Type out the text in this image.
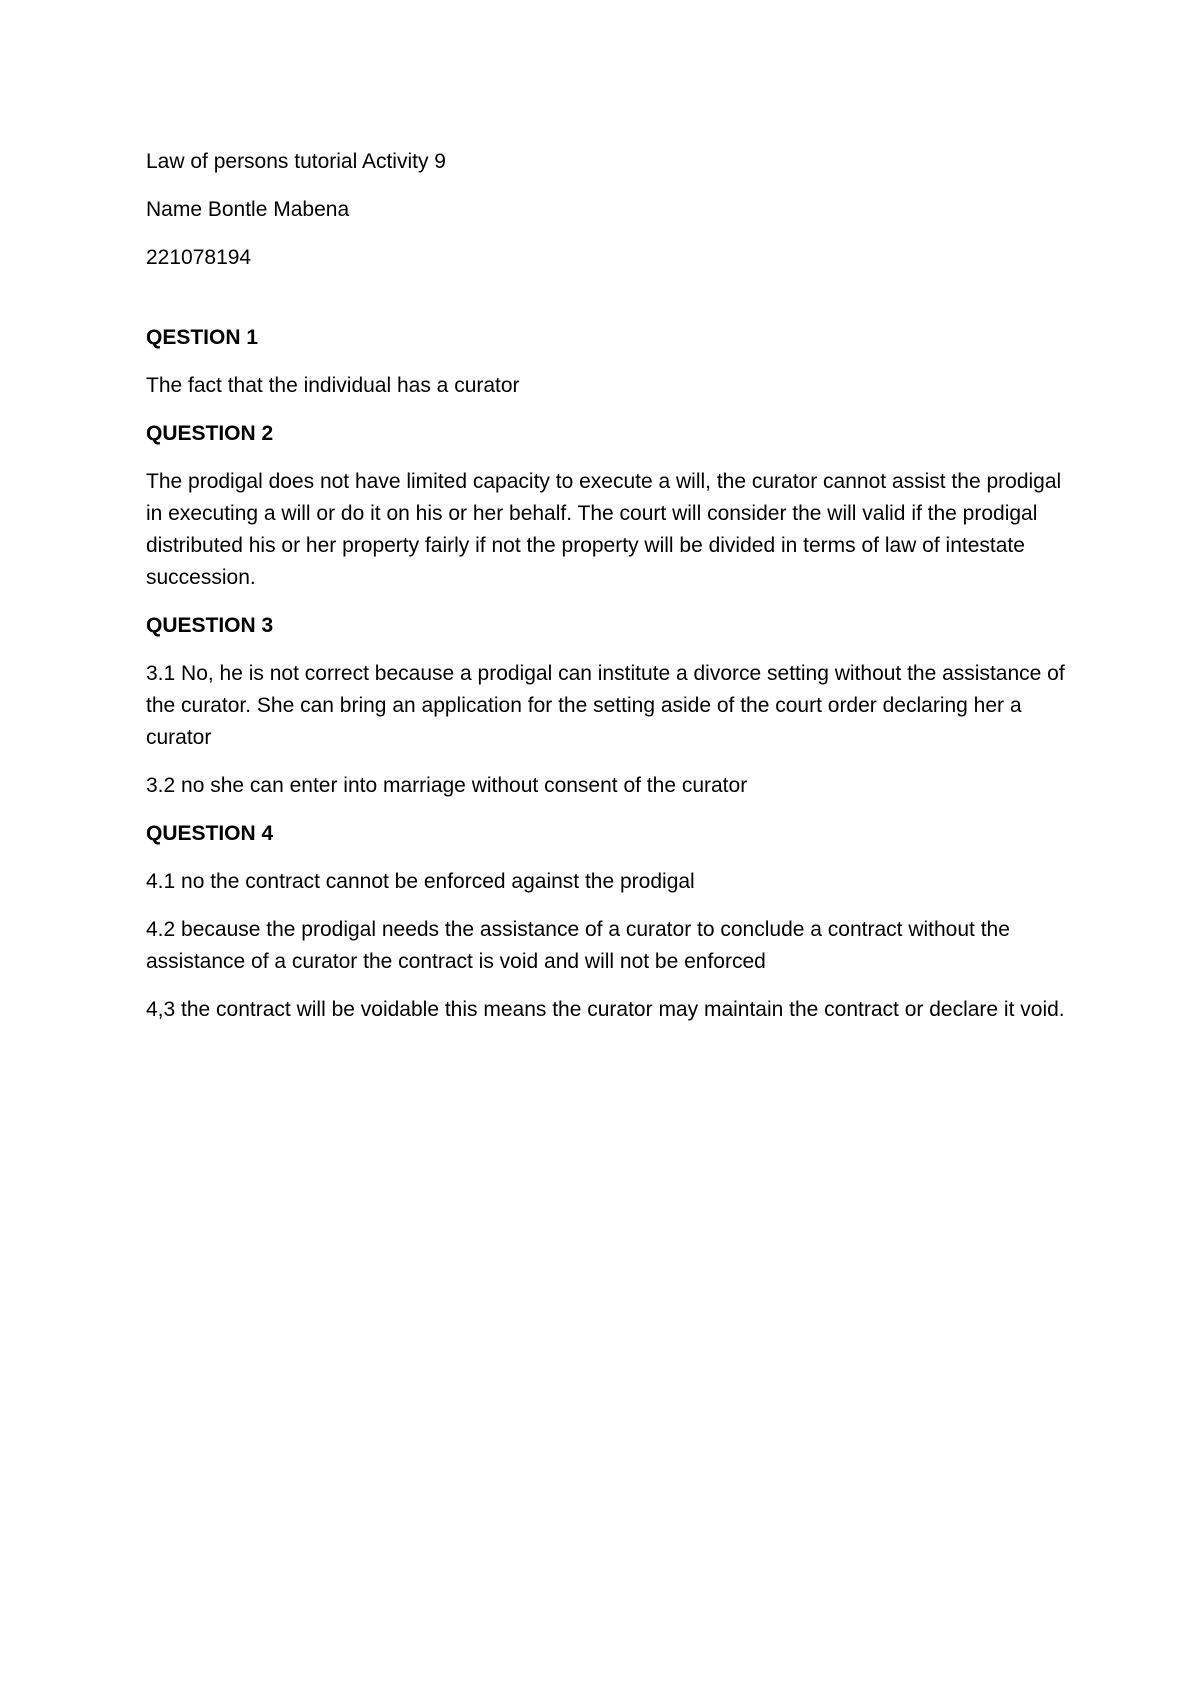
Law of persons tutorial Activity 9

Name Bontle Mabena

221078194

QESTION 1

The fact that the individual has a curator

QUESTION 2

The prodigal does not have limited capacity to execute a will, the curator cannot assist the prodigal in executing a will or do it on his or her behalf. The court will consider the will valid if the prodigal distributed his or her property fairly if not the property will be divided in terms of law of intestate succession.

QUESTION 3

3.1 No, he is not correct because a prodigal can institute a divorce setting without the assistance of the curator. She can bring an application for the setting aside of the court order declaring her a curator

3.2 no she can enter into marriage without consent of the curator

QUESTION 4

4.1 no the contract cannot be enforced against the prodigal

4.2 because the prodigal needs the assistance of a curator to conclude a contract without the assistance of a curator the contract is void and will not be enforced

4,3 the contract will be voidable this means the curator may maintain the contract or declare it void.
